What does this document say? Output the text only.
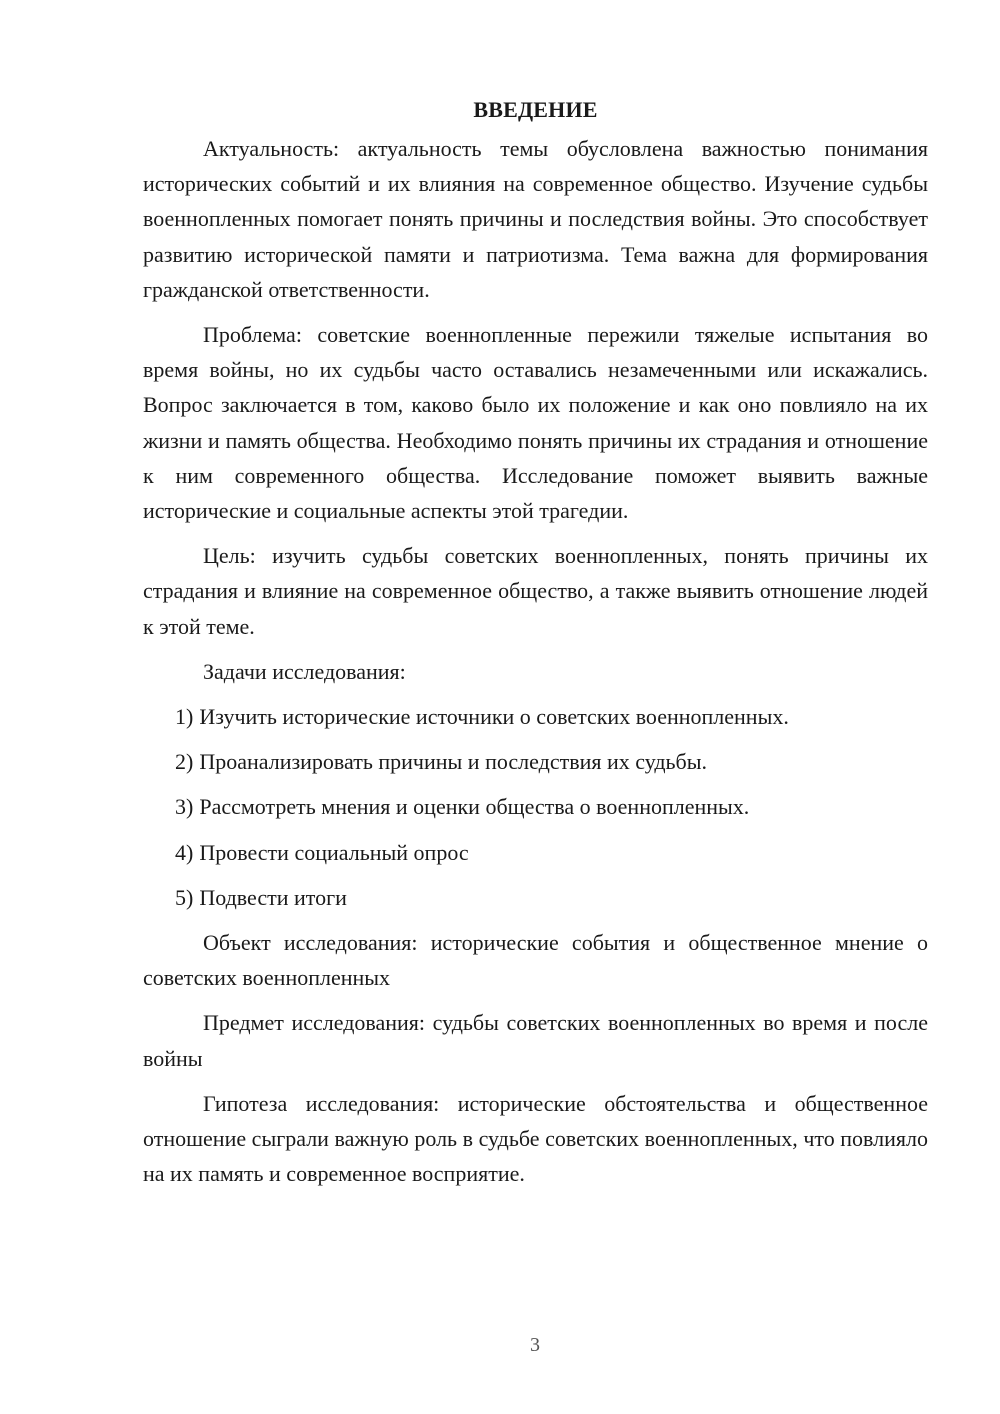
ВВЕДЕНИЕ

Актуальность: актуальность темы обусловлена важностью понимания исторических событий и их влияния на современное общество. Изучение судьбы военнопленных помогает понять причины и последствия войны. Это способствует развитию исторической памяти и патриотизма. Тема важна для формирования гражданской ответственности.

Проблема: советские военнопленные пережили тяжелые испытания во время войны, но их судьбы часто оставались незамеченными или искажались. Вопрос заключается в том, каково было их положение и как оно повлияло на их жизни и память общества. Необходимо понять причины их страдания и отношение к ним современного общества. Исследование поможет выявить важные исторические и социальные аспекты этой трагедии.

Цель: изучить судьбы советских военнопленных, понять причины их страдания и влияние на современное общество, а также выявить отношение людей к этой теме.

Задачи исследования:

1) Изучить исторические источники о советских военнопленных.
2) Проанализировать причины и последствия их судьбы.
3) Рассмотреть мнения и оценки общества о военнопленных.
4) Провести социальный опрос
5) Подвести итоги

Объект исследования: исторические события и общественное мнение о советских военнопленных

Предмет исследования: судьбы советских военнопленных во время и после войны

Гипотеза исследования: исторические обстоятельства и общественное отношение сыграли важную роль в судьбе советских военнопленных, что повлияло на их память и современное восприятие.

3
